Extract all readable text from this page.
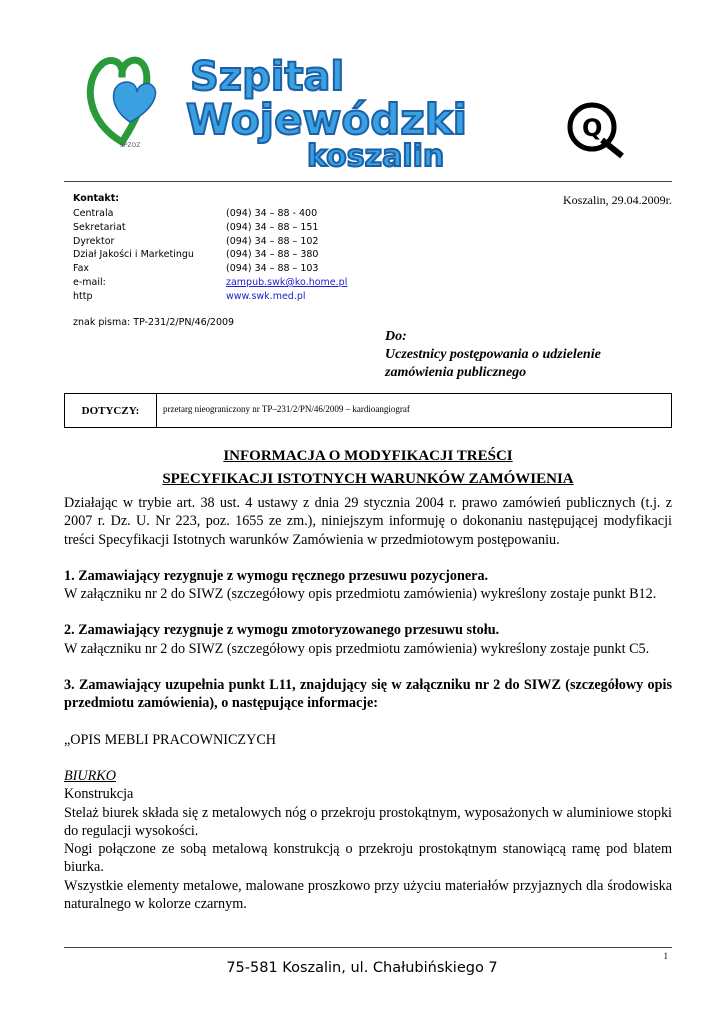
SPZOZ
Szpital
Wojewódzki
koszalin
Q
Kontakt:
Centrala	(094) 34 – 88 - 400
Sekretariat	(094) 34 – 88 – 151
Dyrektor	(094) 34 – 88 – 102
Dział Jakości i Marketingu	(094) 34 – 88 – 380
Fax	(094) 34 – 88 – 103
e-mail:	zampub.swk@ko.home.pl
http	www.swk.med.pl
Koszalin, 29.04.2009r.
znak pisma: TP-231/2/PN/46/2009
Do:
Uczestnicy postępowania o udzielenie
zamówienia publicznego
DOTYCZY:	przetarg nieograniczony nr TP–231/2/PN/46/2009 – kardioangiograf
INFORMACJA O MODYFIKACJI TREŚCI
SPECYFIKACJI ISTOTNYCH WARUNKÓW ZAMÓWIENIA

Działając w trybie art. 38 ust. 4 ustawy z dnia 29 stycznia 2004 r. prawo zamówień publicznych (t.j. z 2007 r. Dz. U. Nr 223, poz. 1655 ze zm.), niniejszym informuję o dokonaniu następującej modyfikacji treści Specyfikacji Istotnych warunków Zamówienia w przedmiotowym postępowaniu.

1. Zamawiający rezygnuje z wymogu ręcznego przesuwu pozycjonera.

W załączniku nr 2 do SIWZ (szczegółowy opis przedmiotu zamówienia) wykreślony zostaje punkt B12.

2. Zamawiający rezygnuje z wymogu zmotoryzowanego przesuwu stołu.

W załączniku nr 2 do SIWZ (szczegółowy opis przedmiotu zamówienia) wykreślony zostaje punkt C5.

3. Zamawiający uzupełnia punkt L11, znajdujący się w załączniku nr 2 do SIWZ (szczegółowy opis przedmiotu zamówienia), o następujące informacje:

„OPIS MEBLI PRACOWNICZYCH

BIURKO

Konstrukcja

Stelaż biurek składa się z metalowych nóg o przekroju prostokątnym, wyposażonych w aluminiowe stopki do regulacji wysokości.

Nogi połączone ze sobą metalową konstrukcją o przekroju prostokątnym stanowiącą ramę pod blatem biurka.

Wszystkie elementy metalowe, malowane proszkowo przy użyciu materiałów przyjaznych dla środowiska naturalnego w kolorze czarnym.

1
75-581 Koszalin, ul. Chałubińskiego 7
